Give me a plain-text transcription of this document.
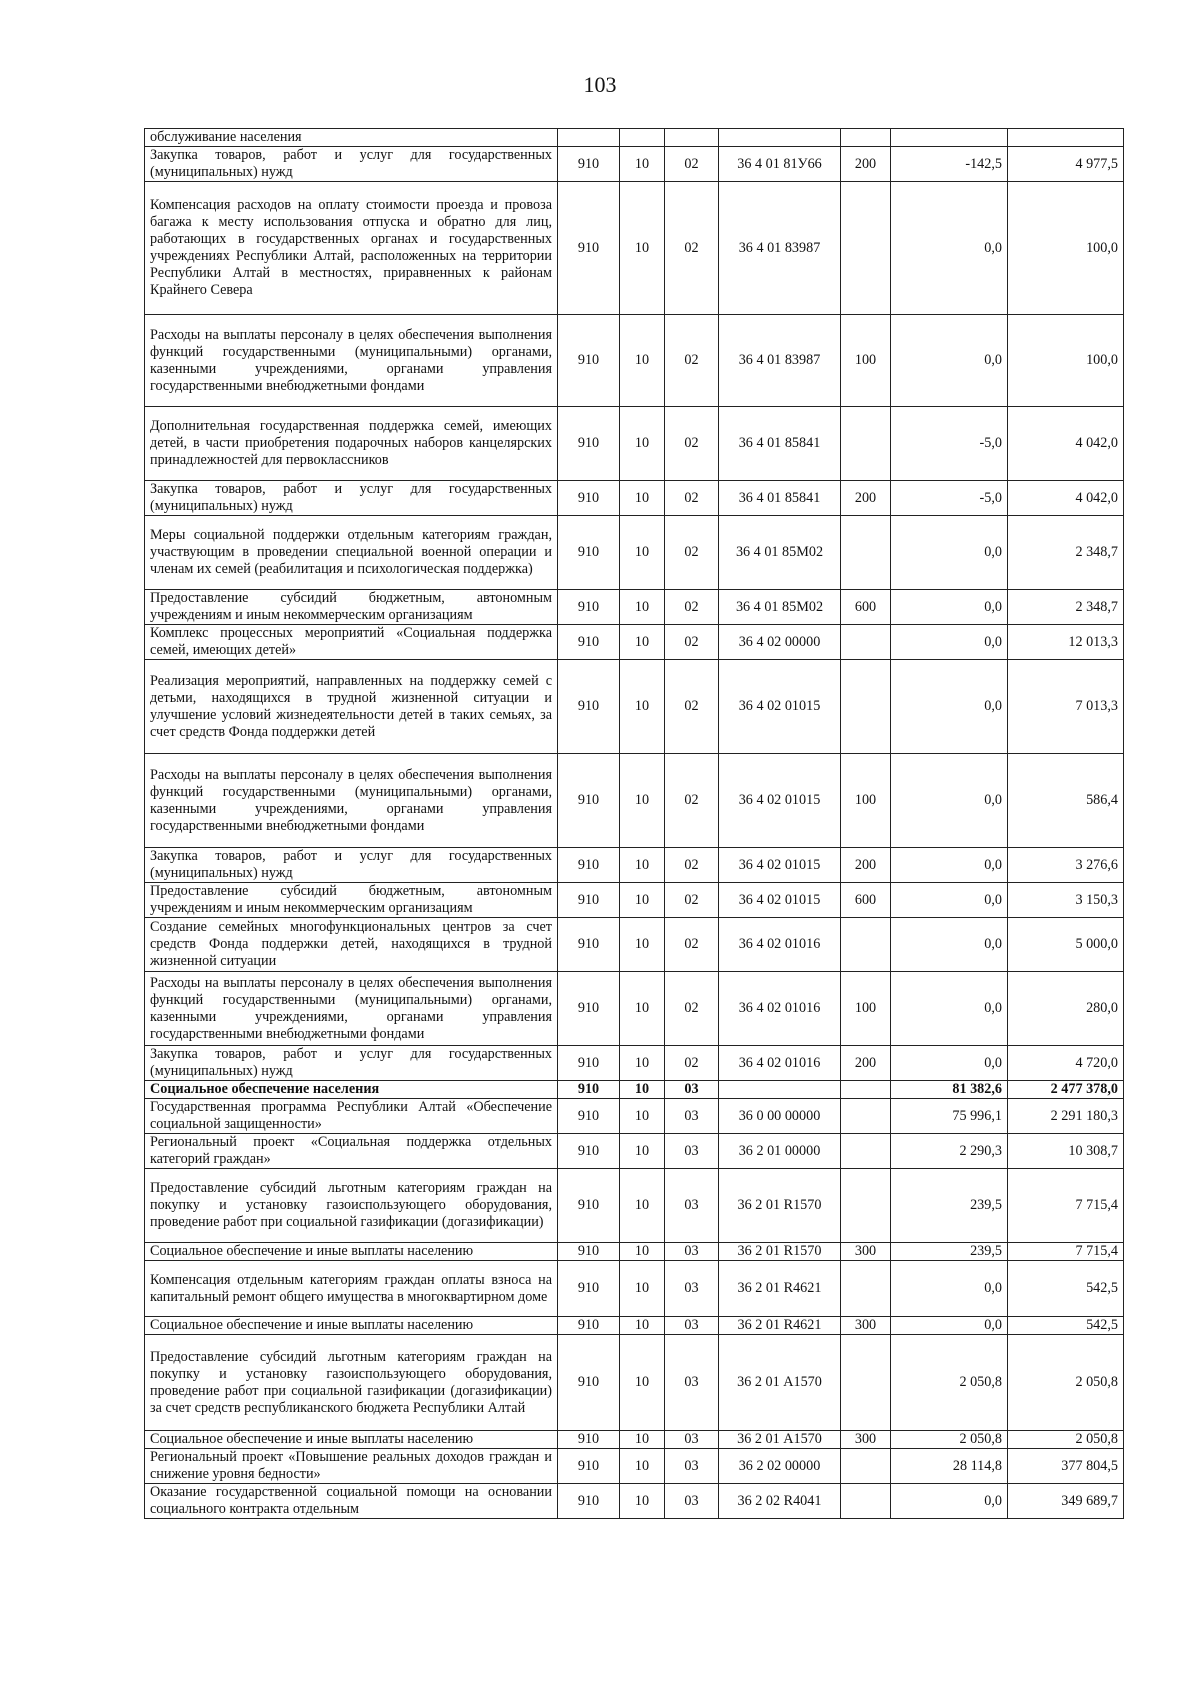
103
обслуживание населения							
Закупка товаров, работ и услуг для государственных (муниципальных) нужд	910	10	02	36 4 01 81У66	200	-142,5	4 977,5
Компенсация расходов на оплату стоимости проезда и провоза багажа к месту использования отпуска и обратно для лиц, работающих в государственных органах и государственных учреждениях Республики Алтай, расположенных на территории Республики Алтай в местностях, приравненных к районам Крайнего Севера	910	10	02	36 4 01 83987		0,0	100,0
Расходы на выплаты персоналу в целях обеспечения выполнения функций государственными (муниципальными) органами, казенными учреждениями, органами управления государственными внебюджетными фондами	910	10	02	36 4 01 83987	100	0,0	100,0
Дополнительная государственная поддержка семей, имеющих детей, в части приобретения подарочных наборов канцелярских принадлежностей для первоклассников	910	10	02	36 4 01 85841		-5,0	4 042,0
Закупка товаров, работ и услуг для государственных (муниципальных) нужд	910	10	02	36 4 01 85841	200	-5,0	4 042,0
Меры социальной поддержки отдельным категориям граждан, участвующим в проведении специальной военной операции и членам их семей (реабилитация и психологическая поддержка)	910	10	02	36 4 01 85М02		0,0	2 348,7
Предоставление субсидий бюджетным, автономным учреждениям и иным некоммерческим организациям	910	10	02	36 4 01 85М02	600	0,0	2 348,7
Комплекс процессных мероприятий «Социальная поддержка семей, имеющих детей»	910	10	02	36 4 02 00000		0,0	12 013,3
Реализация мероприятий, направленных на поддержку семей с детьми, находящихся в трудной жизненной ситуации и улучшение условий жизнедеятельности детей в таких семьях, за счет средств Фонда поддержки детей	910	10	02	36 4 02 01015		0,0	7 013,3
Расходы на выплаты персоналу в целях обеспечения выполнения функций государственными (муниципальными) органами, казенными учреждениями, органами управления государственными внебюджетными фондами	910	10	02	36 4 02 01015	100	0,0	586,4
Закупка товаров, работ и услуг для государственных (муниципальных) нужд	910	10	02	36 4 02 01015	200	0,0	3 276,6
Предоставление субсидий бюджетным, автономным учреждениям и иным некоммерческим организациям	910	10	02	36 4 02 01015	600	0,0	3 150,3
Создание семейных многофункциональных центров за счет средств Фонда поддержки детей, находящихся в трудной жизненной ситуации	910	10	02	36 4 02 01016		0,0	5 000,0
Расходы на выплаты персоналу в целях обеспечения выполнения функций государственными (муниципальными) органами, казенными учреждениями, органами управления государственными внебюджетными фондами	910	10	02	36 4 02 01016	100	0,0	280,0
Закупка товаров, работ и услуг для государственных (муниципальных) нужд	910	10	02	36 4 02 01016	200	0,0	4 720,0
Социальное обеспечение населения	910	10	03			81 382,6	2 477 378,0
Государственная программа Республики Алтай «Обеспечение социальной защищенности»	910	10	03	36 0 00 00000		75 996,1	2 291 180,3
Региональный проект «Социальная поддержка отдельных категорий граждан»	910	10	03	36 2 01 00000		2 290,3	10 308,7
Предоставление субсидий льготным категориям граждан на покупку и установку газоиспользующего оборудования, проведение работ при социальной газификации (догазификации)	910	10	03	36 2 01 R1570		239,5	7 715,4
Социальное обеспечение и иные выплаты населению	910	10	03	36 2 01 R1570	300	239,5	7 715,4
Компенсация отдельным категориям граждан оплаты взноса на капитальный ремонт общего имущества в многоквартирном доме	910	10	03	36 2 01 R4621		0,0	542,5
Социальное обеспечение и иные выплаты населению	910	10	03	36 2 01 R4621	300	0,0	542,5
Предоставление субсидий льготным категориям граждан на покупку и установку газоиспользующего оборудования, проведение работ при социальной газификации (догазификации) за счет средств республиканского бюджета Республики Алтай	910	10	03	36 2 01 А1570		2 050,8	2 050,8
Социальное обеспечение и иные выплаты населению	910	10	03	36 2 01 А1570	300	2 050,8	2 050,8
Региональный проект «Повышение реальных доходов граждан и снижение уровня бедности»	910	10	03	36 2 02 00000		28 114,8	377 804,5
Оказание государственной социальной помощи на основании социального контракта отдельным	910	10	03	36 2 02 R4041		0,0	349 689,7
